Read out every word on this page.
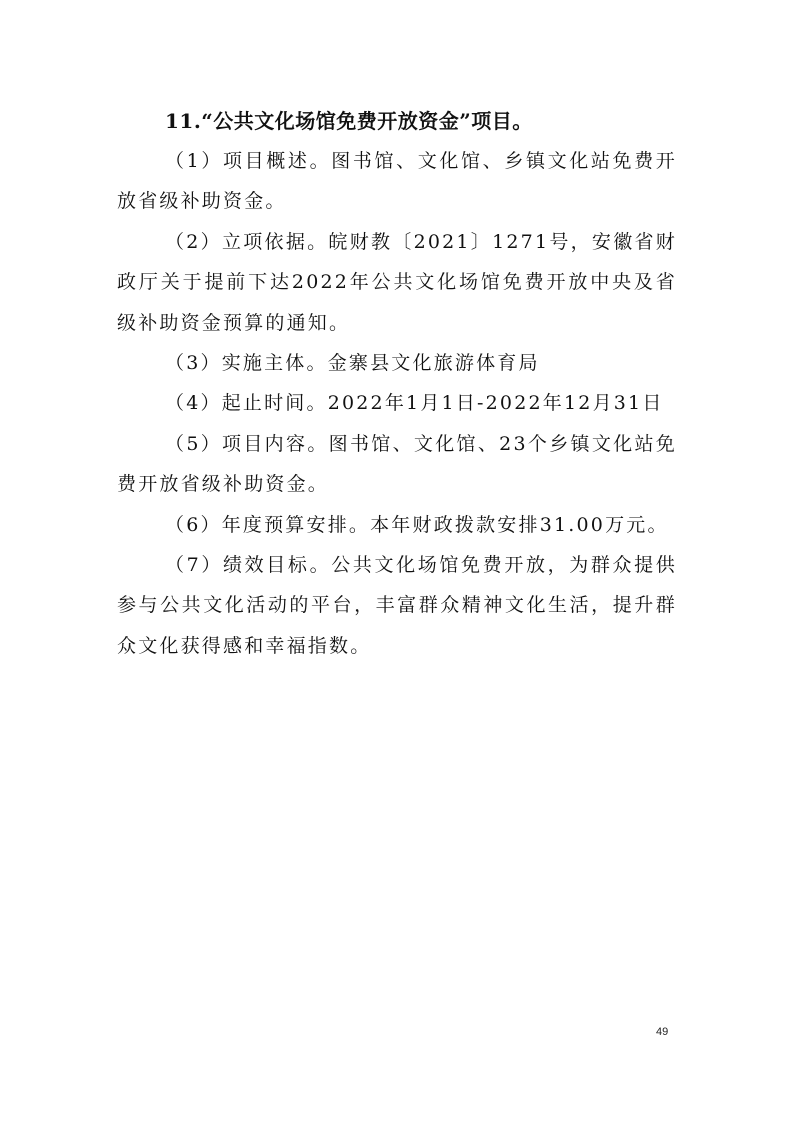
11.“公共文化场馆免费开放资金”项目。

（1）项目概述。图书馆、文化馆、乡镇文化站免费开放省级补助资金。

（2）立项依据。皖财教〔2021〕1271号，安徽省财政厅关于提前下达2022年公共文化场馆免费开放中央及省级补助资金预算的通知。

（3）实施主体。金寨县文化旅游体育局

（4）起止时间。2022年1月1日-2022年12月31日

（5）项目内容。图书馆、文化馆、23个乡镇文化站免费开放省级补助资金。

（6）年度预算安排。本年财政拨款安排31.00万元。

（7）绩效目标。公共文化场馆免费开放，为群众提供参与公共文化活动的平台，丰富群众精神文化生活，提升群众文化获得感和幸福指数。

49
